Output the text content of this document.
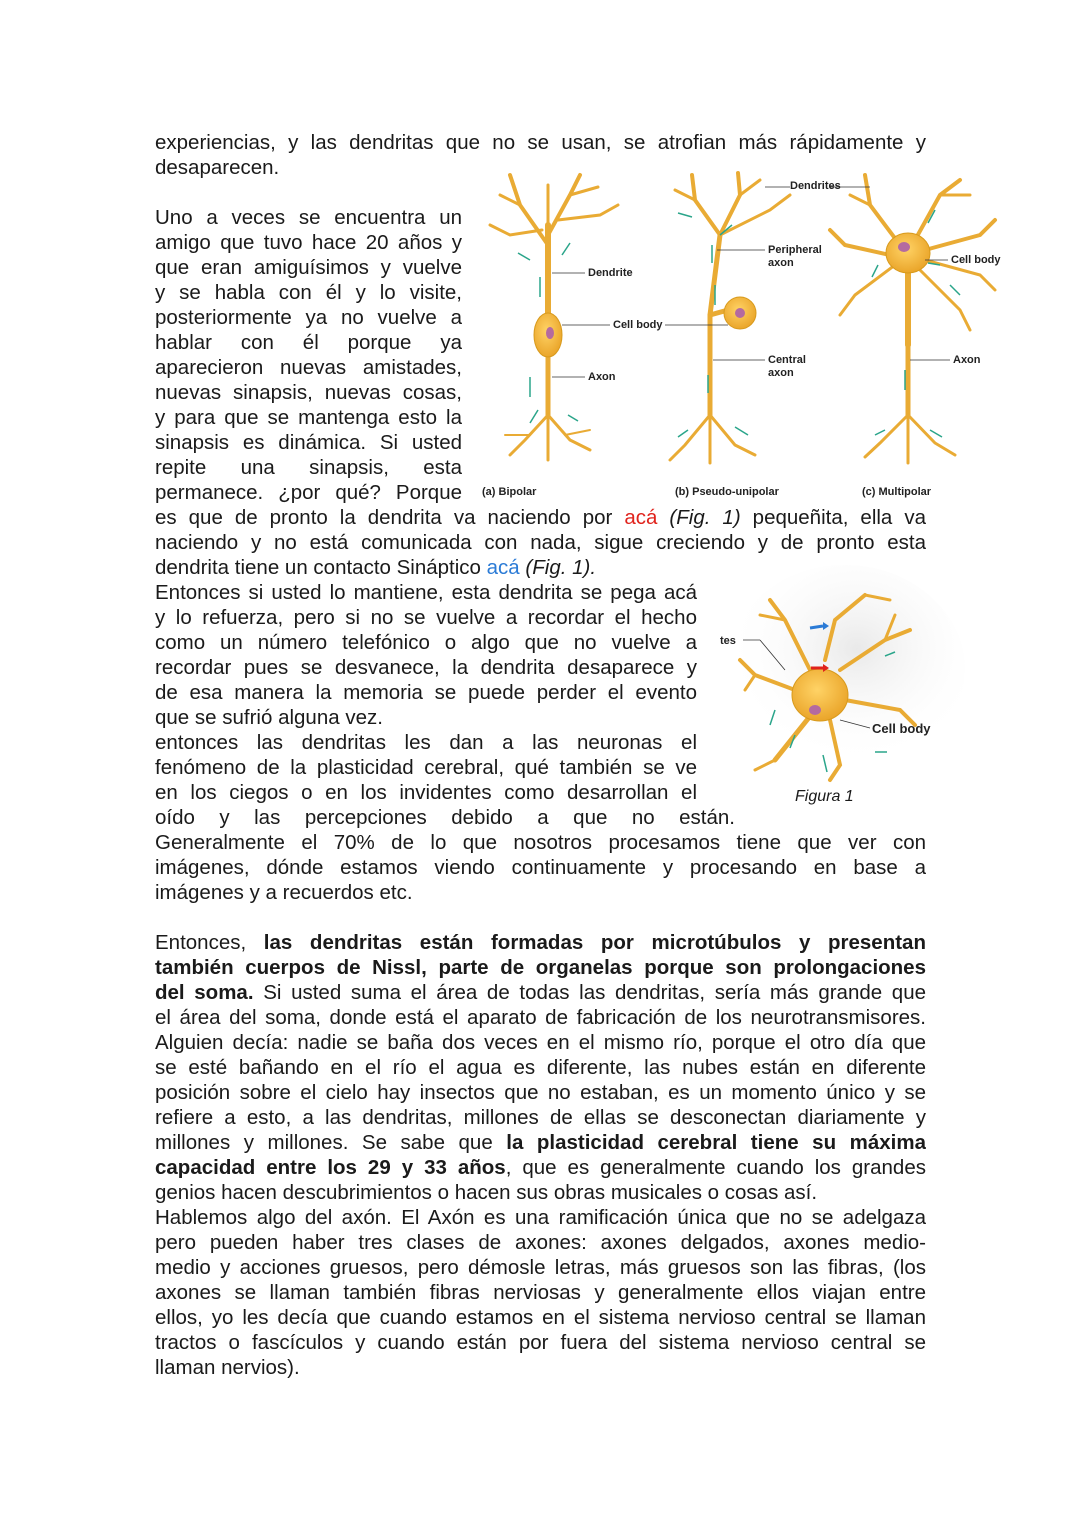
experiencias, y las dendritas que no se usan, se atrofian más rápidamente y
desaparecen.
Uno a veces se encuentra un
amigo que tuvo hace 20 años y
que eran amiguísimos y vuelve
y se habla con él y lo visite,
posteriormente ya no vuelve a
hablar con él porque ya
aparecieron nuevas amistades,
nuevas sinapsis, nuevas cosas,
y para que se mantenga esto la
sinapsis es dinámica. Si usted
repite una sinapsis, esta
permanece. ¿por qué? Porque
es que de pronto la dendrita va naciendo por acá (Fig. 1) pequeñita, ella va
naciendo y no está comunicada con nada, sigue creciendo y de pronto esta
dendrita tiene un contacto Sináptico acá (Fig. 1).
Entonces si usted lo mantiene, esta dendrita se pega acá
y lo refuerza, pero si no se vuelve a recordar el hecho
como un número telefónico o algo que no vuelve a
recordar pues se desvanece, la dendrita desaparece y
de esa manera la memoria se puede perder el evento
que se sufrió alguna vez.
entonces las dendritas les dan a las neuronas el
fenómeno de la plasticidad cerebral, qué también se ve
en los ciegos o en los invidentes como desarrollan el
oído y las percepciones debido a que no están.
Generalmente el 70% de lo que nosotros procesamos tiene que ver con
imágenes, dónde estamos viendo continuamente y procesando en base a
imágenes y a recuerdos etc.
Entonces, las dendritas están formadas por microtúbulos y presentan
también cuerpos de Nissl, parte de organelas porque son prolongaciones
del soma. Si usted suma el área de todas las dendritas, sería más grande que
el área del soma, donde está el aparato de fabricación de los neurotransmisores.
Alguien decía: nadie se baña dos veces en el mismo río, porque el otro día que
se esté bañando en el río el agua es diferente, las nubes están en diferente
posición sobre el cielo hay insectos que no estaban, es un momento único y se
refiere a esto, a las dendritas, millones de ellas se desconectan diariamente y
millones y millones. Se sabe que la plasticidad cerebral tiene su máxima
capacidad entre los 29 y 33 años, que es generalmente cuando los grandes
genios hacen descubrimientos o hacen sus obras musicales o cosas así.
Hablemos algo del axón. El Axón es una ramificación única que no se adelgaza
pero pueden haber tres clases de axones: axones delgados, axones medio-
medio y acciones gruesos, pero démosle letras, más gruesos son las fibras, (los
axones se llaman también fibras nerviosas y generalmente ellos viajan entre
ellos, yo les decía que cuando estamos en el sistema nervioso central se llaman
tractos o fascículos y cuando están por fuera del sistema nervioso central se
llaman nervios).
Dendrite
Cell body
Axon
Dendrites
Peripheral
axon
Central
axon
Cell body
Axon
(a) Bipolar	(b) Pseudo-unipolar	(c) Multipolar
tes
Cell body
Figura 1
